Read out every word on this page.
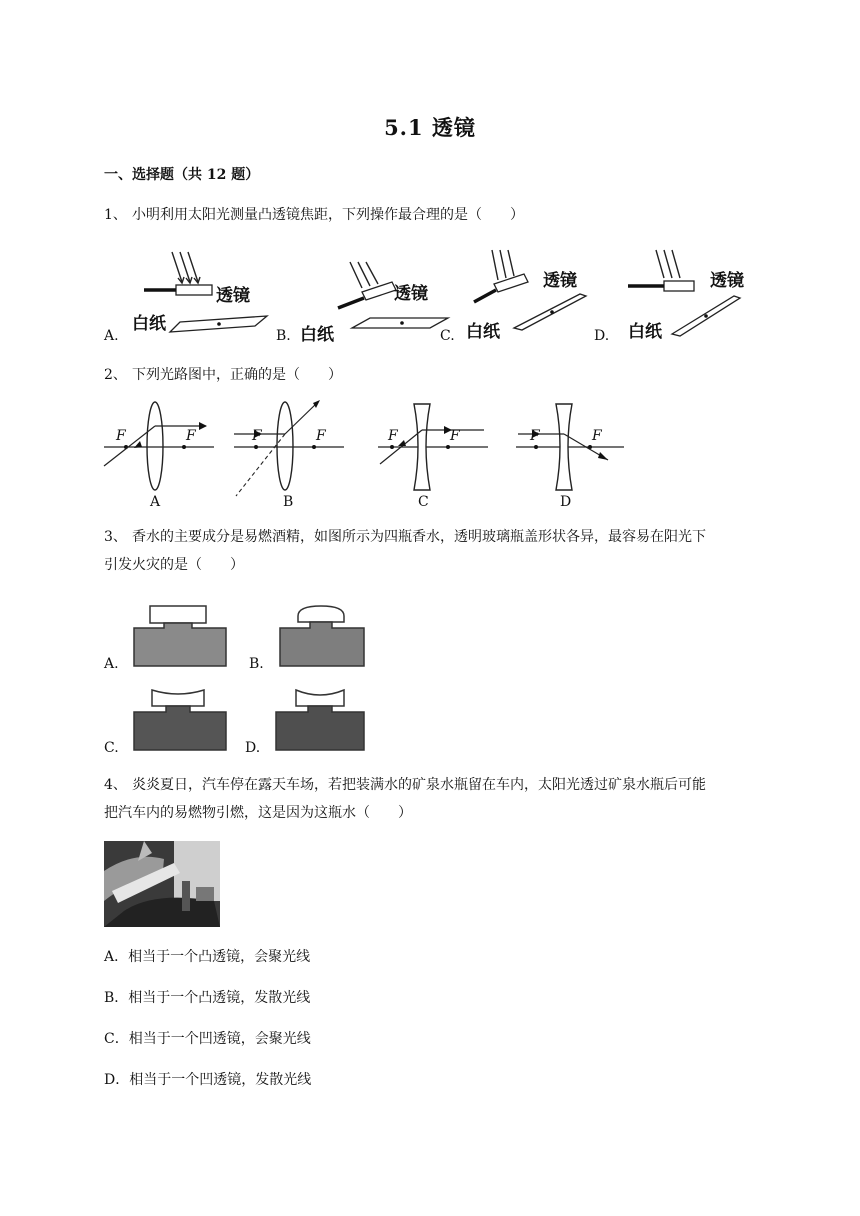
5.1 透镜
一、选择题（共 12 题）
1、 小明利用太阳光测量凸透镜焦距，下列操作最合理的是（　　）
透镜
白纸
A.
透镜
白纸
B.
透镜
白纸
C.
透镜
白纸
D.
2、 下列光路图中，正确的是（　　）
F	F
A
F	F
B
F	F
C
F	F
D
3、 香水的主要成分是易燃酒精，如图所示为四瓶香水，透明玻璃瓶盖形状各异，最容易在阳光下
引发火灾的是（　　）
A.	B.
C.	D.
4、 炎炎夏日，汽车停在露天车场，若把装满水的矿泉水瓶留在车内，太阳光透过矿泉水瓶后可能
把汽车内的易燃物引燃，这是因为这瓶水（　　）
A．相当于一个凸透镜，会聚光线
B．相当于一个凸透镜，发散光线
C．相当于一个凹透镜，会聚光线
D．相当于一个凹透镜，发散光线
